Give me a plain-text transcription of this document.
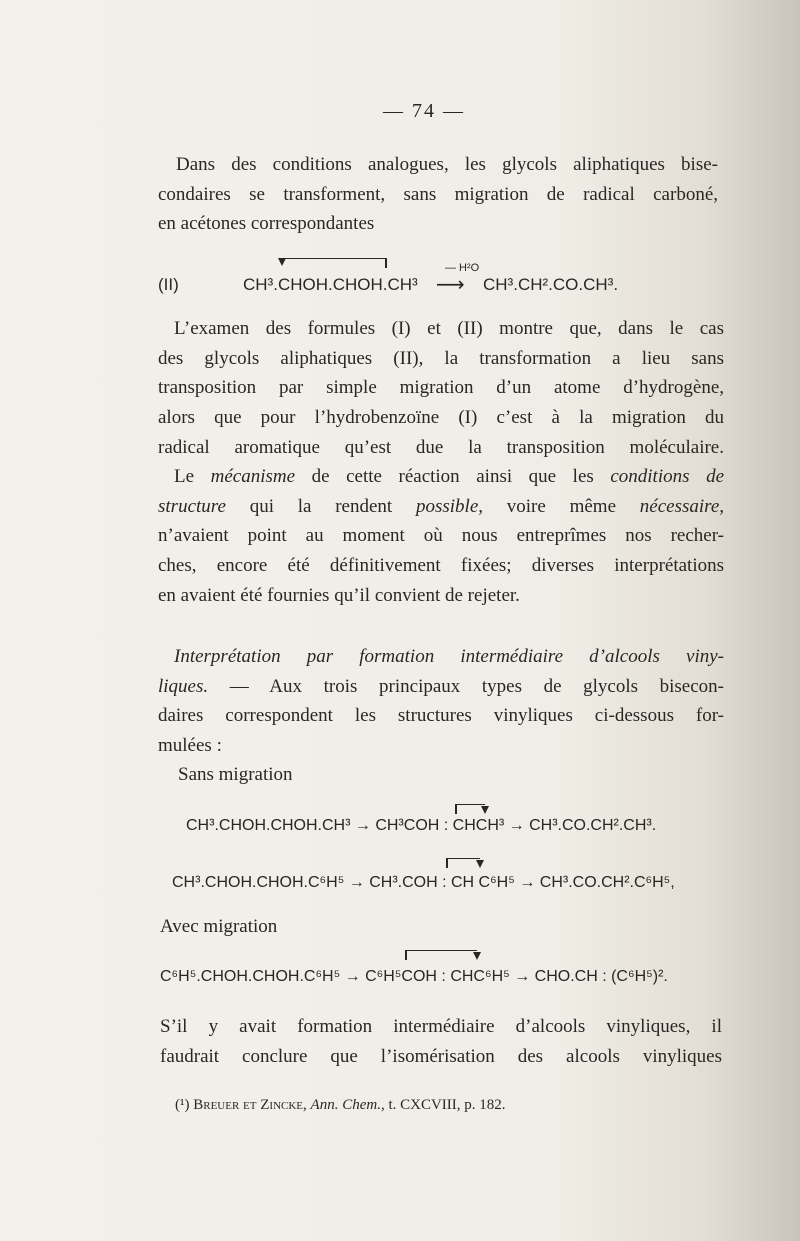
— 74 —
Dans des conditions analogues, les glycols aliphatiques bise-
condaires se transforment, sans migration de radical carboné,
en acétones correspondantes
(II)	CH³.CHOH.CHOH.CH³
— H²O
⟶ CH³.CH².CO.CH³.
L’examen des formules (I) et (II) montre que, dans le cas
des glycols aliphatiques (II), la transformation a lieu sans
transposition par simple migration d’un atome d’hydrogène,
alors que pour l’hydrobenzoïne (I) c’est à la migration du
radical aromatique qu’est due la transposition moléculaire.
Le mécanisme de cette réaction ainsi que les conditions de
structure qui la rendent possible, voire même nécessaire,
n’avaient point au moment où nous entreprîmes nos recher-
ches, encore été définitivement fixées; diverses interprétations
en avaient été fournies qu’il convient de rejeter.
Interprétation par formation intermédiaire d’alcools viny-
liques. — Aux trois principaux types de glycols bisecon-
daires correspondent les structures vinyliques ci-dessous for-
mulées :
Sans migration
CH³.CHOH.CHOH.CH³ → CH³COH : CHCH³ → CH³.CO.CH².CH³.
CH³.CHOH.CHOH.C⁶H⁵ → CH³.COH : CH C⁶H⁵ → CH³.CO.CH².C⁶H⁵,
Avec migration
C⁶H⁵.CHOH.CHOH.C⁶H⁵ → C⁶H⁵COH : CHC⁶H⁵ → CHO.CH : (C⁶H⁵)².
S’il y avait formation intermédiaire d’alcools vinyliques, il
faudrait conclure que l’isomérisation des alcools vinyliques
(¹) Breuer et Zincke, Ann. Chem., t. CXCVIII, p. 182.
